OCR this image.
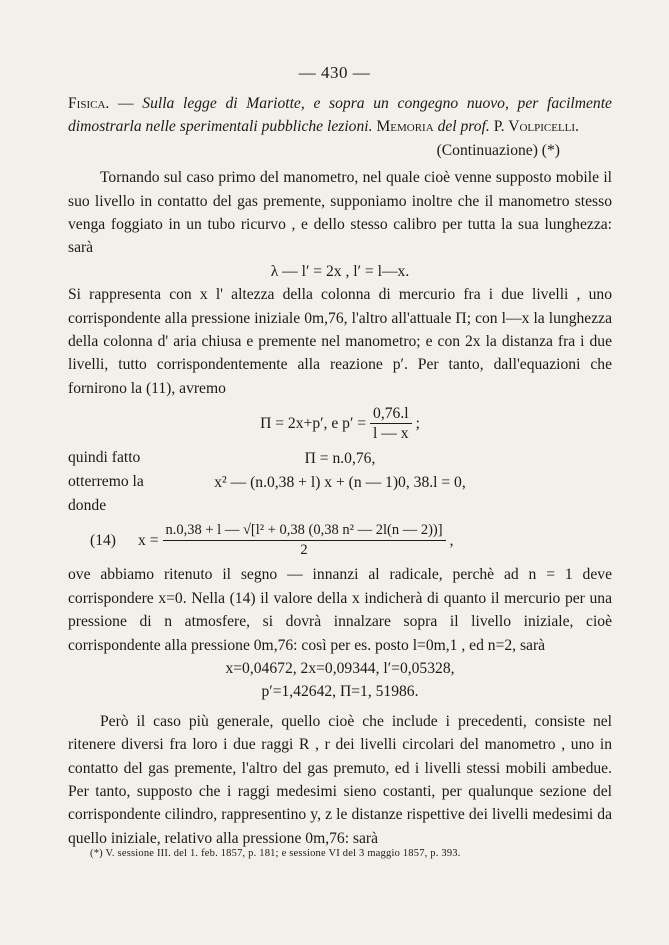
— 430 —

Fisica. — Sulla legge di Mariotte, e sopra un congegno nuovo, per facilmente dimostrarla nelle sperimentali pubbliche lezioni. Memoria del prof. P. Volpicelli.

(Continuazione) (*)

Tornando sul caso primo del manometro, nel quale cioè venne supposto mobile il suo livello in contatto del gas premente, supponiamo inoltre che il manometro stesso venga foggiato in un tubo ricurvo , e dello stesso calibro per tutta la sua lunghezza: sarà

λ — l′ = 2x , l′ = l—x.

Si rappresenta con x l' altezza della colonna di mercurio fra i due livelli , uno corrispondente alla pressione iniziale 0m,76, l'altro all'attuale Π; con l—x la lunghezza della colonna d' aria chiusa e premente nel manometro; e con 2x la distanza fra i due livelli, tutto corrispondentemente alla reazione p′. Per tanto, dall'equazioni che fornirono la (11), avremo

Π = 2x+p′, e $p' = \frac{0,76.l}{l — x}$ ;

quindi fatto	Π = n.0,76,

otterremo la	x² — (n.0,38 + l) x + (n — 1)0, 38.l = 0,

donde

(14)	$x = \frac{\text{n.0,38 + l — √[l² + 0,38 (0,38 n² — 2l(n — 2))]}}{2}$ ,

ove abbiamo ritenuto il segno — innanzi al radicale, perchè ad n = 1 deve corrispondere x=0. Nella (14) il valore della x indicherà di quanto il mercurio per una pressione di n atmosfere, si dovrà innalzare sopra il livello iniziale, cioè corrispondente alla pressione 0m,76: così per es. posto l=0m,1 , ed n=2, sarà

x=0,04672, 2x=0,09344, l′=0,05328,

p′=1,42642, Π=1, 51986.

Però il caso più generale, quello cioè che include i precedenti, consiste nel ritenere diversi fra loro i due raggi R , r dei livelli circolari del manometro , uno in contatto del gas premente, l'altro del gas premuto, ed i livelli stessi mobili ambedue. Per tanto, supposto che i raggi medesimi sieno costanti, per qualunque sezione del corrispondente cilindro, rappresentino y, z le distanze rispettive dei livelli medesimi da quello iniziale, relativo alla pressione 0m,76: sarà

(*) V. sessione III. del 1. feb. 1857, p. 181; e sessione VI del 3 maggio 1857, p. 393.
